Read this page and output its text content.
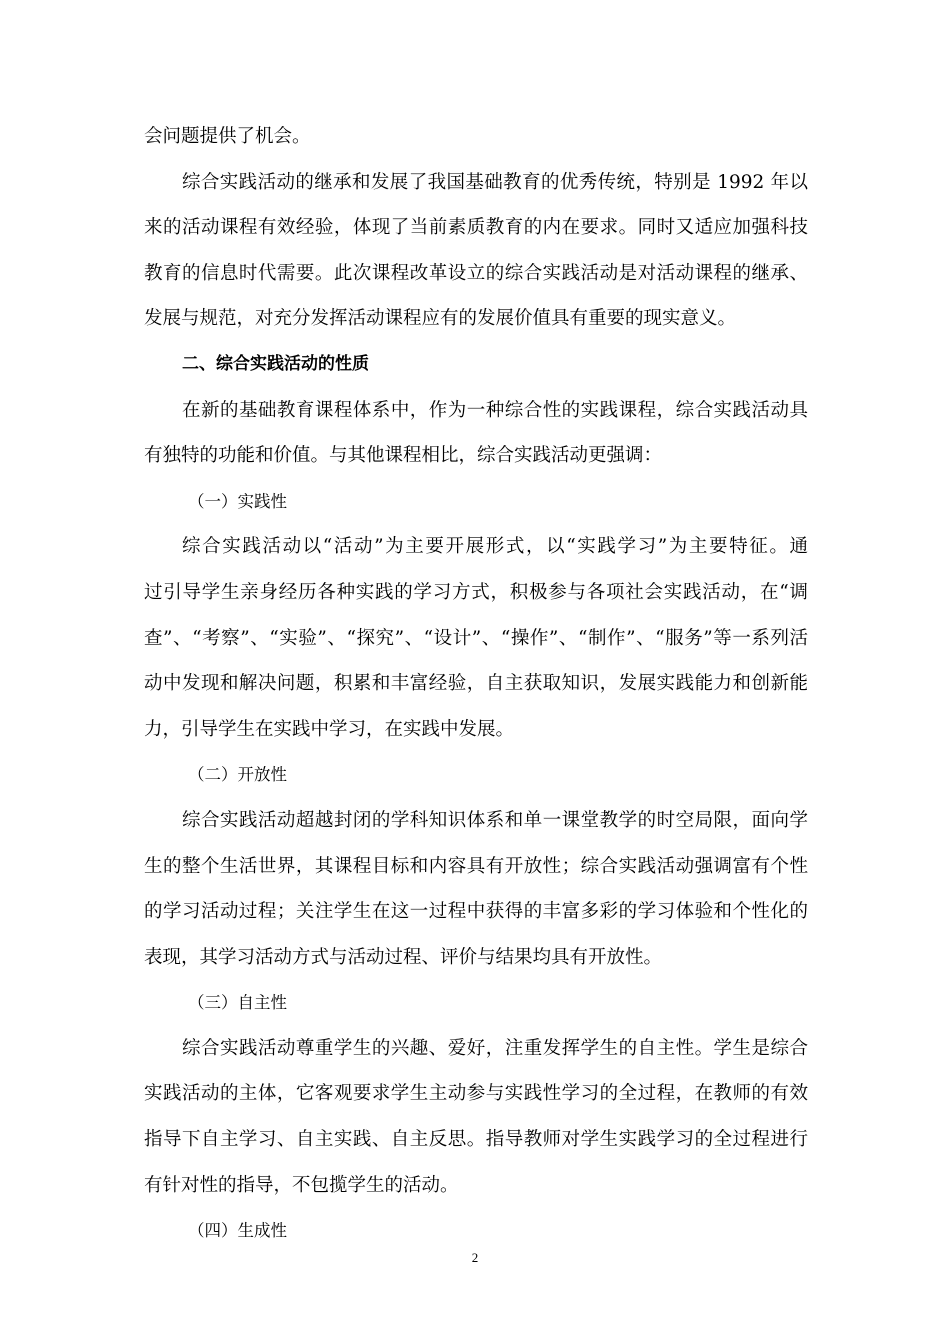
会问题提供了机会。
综合实践活动的继承和发展了我国基础教育的优秀传统，特别是 1992 年以
来的活动课程有效经验，体现了当前素质教育的内在要求。同时又适应加强科技
教育的信息时代需要。此次课程改革设立的综合实践活动是对活动课程的继承、
发展与规范，对充分发挥活动课程应有的发展价值具有重要的现实意义。
二、综合实践活动的性质
在新的基础教育课程体系中，作为一种综合性的实践课程，综合实践活动具
有独特的功能和价值。与其他课程相比，综合实践活动更强调：
（一）实践性
综合实践活动以“活动”为主要开展形式，以“实践学习”为主要特征。通
过引导学生亲身经历各种实践的学习方式，积极参与各项社会实践活动，在“调
查”、“考察”、“实验”、“探究”、“设计”、“操作”、“制作”、“服务”等一系列活
动中发现和解决问题，积累和丰富经验，自主获取知识，发展实践能力和创新能
力，引导学生在实践中学习，在实践中发展。
（二）开放性
综合实践活动超越封闭的学科知识体系和单一课堂教学的时空局限，面向学
生的整个生活世界，其课程目标和内容具有开放性；综合实践活动强调富有个性
的学习活动过程；关注学生在这一过程中获得的丰富多彩的学习体验和个性化的
表现，其学习活动方式与活动过程、评价与结果均具有开放性。
（三）自主性
综合实践活动尊重学生的兴趣、爱好，注重发挥学生的自主性。学生是综合
实践活动的主体，它客观要求学生主动参与实践性学习的全过程，在教师的有效
指导下自主学习、自主实践、自主反思。指导教师对学生实践学习的全过程进行
有针对性的指导，不包揽学生的活动。
（四）生成性
2
